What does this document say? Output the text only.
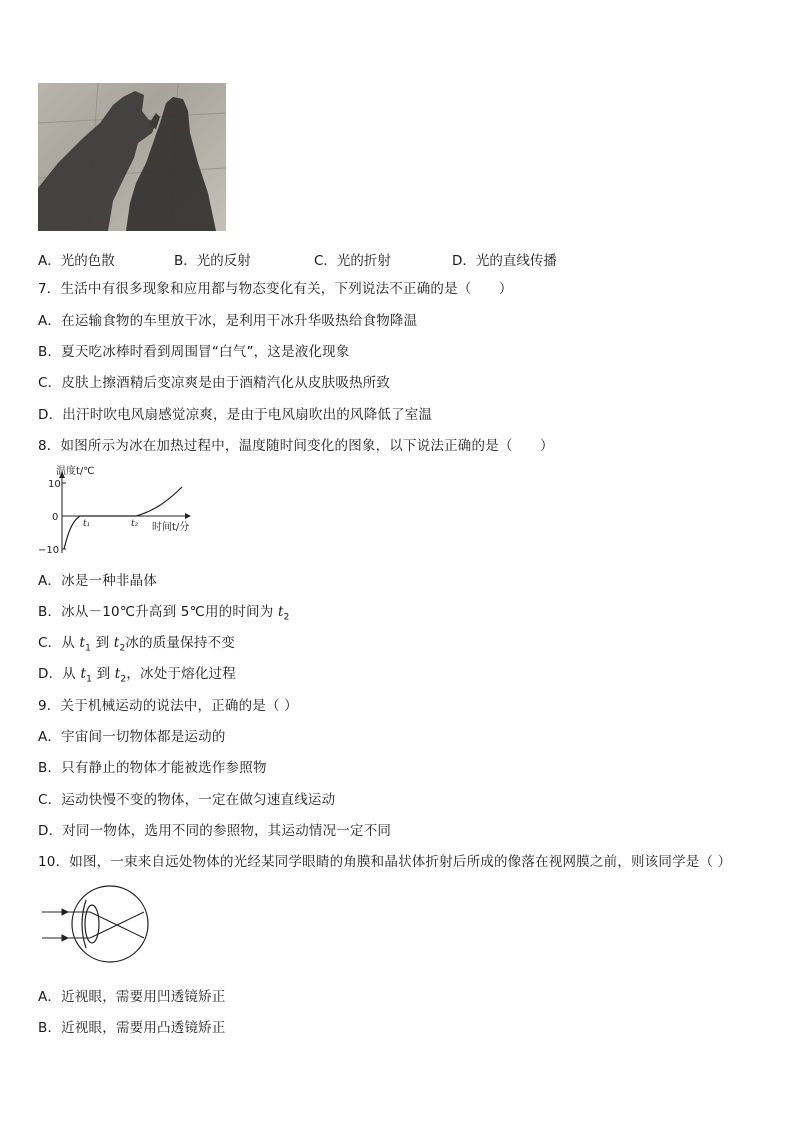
A．光的色散	B．光的反射	C．光的折射	D．光的直线传播
7．生活中有很多现象和应用都与物态变化有关，下列说法不正确的是（　　）
A．在运输食物的车里放干冰，是利用干冰升华吸热给食物降温
B．夏天吃冰棒时看到周围冒“白气”，这是液化现象
C．皮肤上擦酒精后变凉爽是由于酒精汽化从皮肤吸热所致
D．出汗时吹电风扇感觉凉爽，是由于电风扇吹出的风降低了室温
8．如图所示为冰在加热过程中，温度随时间变化的图象，以下说法正确的是（　　）
温度t/℃
10
0
−10
t₁	t₂ 时间t/分
A．冰是一种非晶体
B．冰从－10℃升高到 5℃用的时间为 $t_2$
C．从 $t_1$ 到 $t_2$冰的质量保持不变
D．从 $t_1$ 到 $t_2$，冰处于熔化过程
9．关于机械运动的说法中，正确的是（ ）
A．宇宙间一切物体都是运动的
B．只有静止的物体才能被选作参照物
C．运动快慢不变的物体，一定在做匀速直线运动
D．对同一物体，选用不同的参照物，其运动情况一定不同
10．如图，一束来自远处物体的光经某同学眼睛的角膜和晶状体折射后所成的像落在视网膜之前，则该同学是（ ）
A．近视眼，需要用凹透镜矫正
B．近视眼，需要用凸透镜矫正
